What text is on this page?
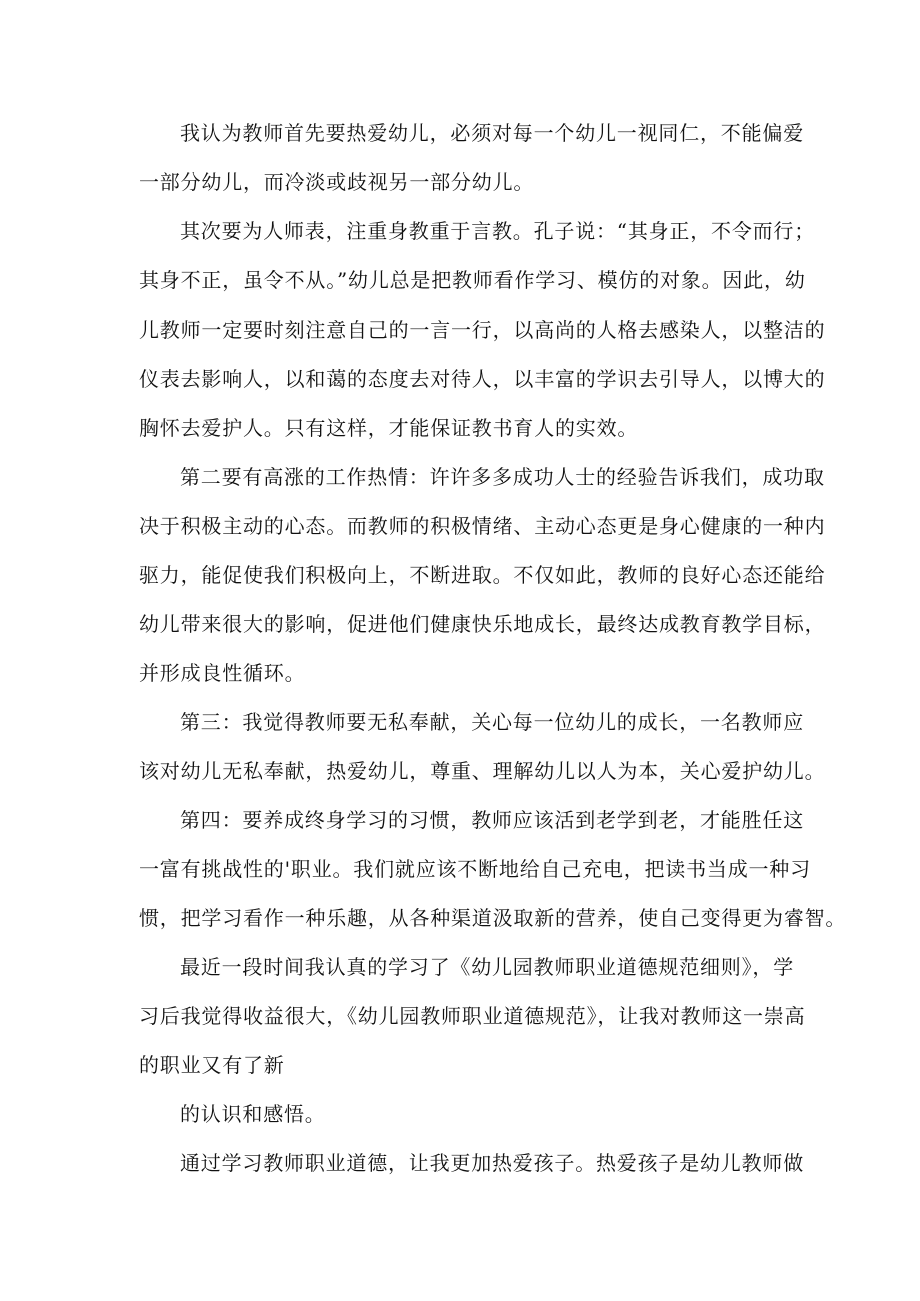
我认为教师首先要热爱幼儿，必须对每一个幼儿一视同仁，不能偏爱

一部分幼儿，而冷淡或歧视另一部分幼儿。

其次要为人师表，注重身教重于言教。孔子说：“其身正，不令而行；

其身不正，虽令不从。”幼儿总是把教师看作学习、模仿的对象。因此，幼

儿教师一定要时刻注意自己的一言一行，以高尚的人格去感染人，以整洁的

仪表去影响人，以和蔼的态度去对待人，以丰富的学识去引导人，以博大的

胸怀去爱护人。只有这样，才能保证教书育人的实效。

第二要有高涨的工作热情：许许多多成功人士的经验告诉我们，成功取

决于积极主动的心态。而教师的积极情绪、主动心态更是身心健康的一种内

驱力，能促使我们积极向上，不断进取。不仅如此，教师的良好心态还能给

幼儿带来很大的影响，促进他们健康快乐地成长，最终达成教育教学目标，

并形成良性循环。

第三：我觉得教师要无私奉献，关心每一位幼儿的成长，一名教师应

该对幼儿无私奉献，热爱幼儿，尊重、理解幼儿以人为本，关心爱护幼儿。

第四：要养成终身学习的习惯，教师应该活到老学到老，才能胜任这

一富有挑战性的'职业。我们就应该不断地给自己充电，把读书当成一种习

惯，把学习看作一种乐趣，从各种渠道汲取新的营养，使自己变得更为睿智。

最近一段时间我认真的学习了《幼儿园教师职业道德规范细则》，学

习后我觉得收益很大，《幼儿园教师职业道德规范》，让我对教师这一崇高

的职业又有了新

的认识和感悟。

通过学习教师职业道德，让我更加热爱孩子。热爱孩子是幼儿教师做
